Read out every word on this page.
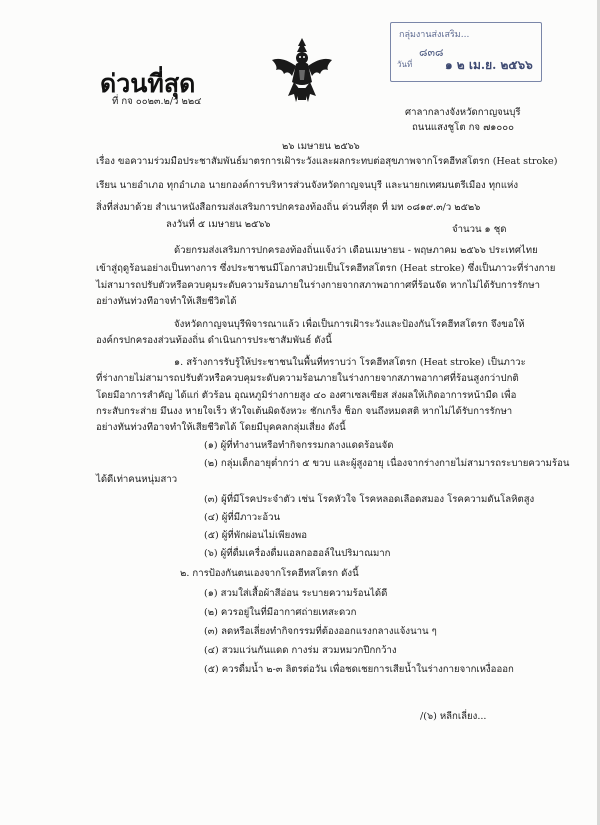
กลุ่มงานส่งเสริม...
๘๓๘
วันที่	๑ ๒ เม.ย. ๒๕๖๖
ด่วนที่สุด
ที่ กจ ๐๐๒๓.๒/ว ๒๒๔
ศาลากลางจังหวัดกาญจนบุรี
ถนนแสงชูโต กจ ๗๑๐๐๐
๒๖ เมษายน ๒๕๖๖
เรื่อง ขอความร่วมมือประชาสัมพันธ์มาตรการเฝ้าระวังและผลกระทบต่อสุขภาพจากโรคฮีทสโตรก (Heat stroke)
เรียน นายอำเภอ ทุกอำเภอ นายกองค์การบริหารส่วนจังหวัดกาญจนบุรี และนายกเทศมนตรีเมือง ทุกแห่ง
สิ่งที่ส่งมาด้วย สำเนาหนังสือกรมส่งเสริมการปกครองท้องถิ่น ด่วนที่สุด ที่ มท ๐๘๑๙.๓/ว ๒๕๒๖
ลงวันที่ ๕ เมษายน ๒๕๖๖	จำนวน ๑ ชุด
ด้วยกรมส่งเสริมการปกครองท้องถิ่นแจ้งว่า เดือนเมษายน - พฤษภาคม ๒๕๖๖ ประเทศไทย
เข้าสู่ฤดูร้อนอย่างเป็นทางการ ซึ่งประชาชนมีโอกาสป่วยเป็นโรคฮีทสโตรก (Heat stroke) ซึ่งเป็นภาวะที่ร่างกาย
ไม่สามารถปรับตัวหรือควบคุมระดับความร้อนภายในร่างกายจากสภาพอากาศที่ร้อนจัด หากไม่ได้รับการรักษา
อย่างทันท่วงทีอาจทำให้เสียชีวิตได้
จังหวัดกาญจนบุรีพิจารณาแล้ว เพื่อเป็นการเฝ้าระวังและป้องกันโรคฮีทสโตรก จึงขอให้
องค์กรปกครองส่วนท้องถิ่น ดำเนินการประชาสัมพันธ์ ดังนี้
๑. สร้างการรับรู้ให้ประชาชนในพื้นที่ทราบว่า โรคฮีทสโตรก (Heat stroke) เป็นภาวะ
ที่ร่างกายไม่สามารถปรับตัวหรือควบคุมระดับความร้อนภายในร่างกายจากสภาพอากาศที่ร้อนสูงกว่าปกติ
โดยมีอาการสำคัญ ได้แก่ ตัวร้อน อุณหภูมิร่างกายสูง ๔๐ องศาเซลเซียส ส่งผลให้เกิดอาการหน้ามืด เพื่อ
กระสับกระส่าย มึนงง หายใจเร็ว หัวใจเต้นผิดจังหวะ ชักเกร็ง ช็อก จนถึงหมดสติ หากไม่ได้รับการรักษา
อย่างทันท่วงทีอาจทำให้เสียชีวิตได้ โดยมีบุคคลกลุ่มเสี่ยง ดังนี้
(๑) ผู้ที่ทำงานหรือทำกิจกรรมกลางแดดร้อนจัด
(๒) กลุ่มเด็กอายุต่ำกว่า ๕ ขวบ และผู้สูงอายุ เนื่องจากร่างกายไม่สามารถระบายความร้อน
ได้ดีเท่าคนหนุ่มสาว
(๓) ผู้ที่มีโรคประจำตัว เช่น โรคหัวใจ โรคหลอดเลือดสมอง โรคความดันโลหิตสูง
(๔) ผู้ที่มีภาวะอ้วน
(๕) ผู้ที่พักผ่อนไม่เพียงพอ
(๖) ผู้ที่ดื่มเครื่องดื่มแอลกอฮอล์ในปริมาณมาก
๒. การป้องกันตนเองจากโรคฮีทสโตรก ดังนี้
(๑) สวมใส่เสื้อผ้าสีอ่อน ระบายความร้อนได้ดี
(๒) ควรอยู่ในที่มีอากาศถ่ายเทสะดวก
(๓) ลดหรือเลี่ยงทำกิจกรรมที่ต้องออกแรงกลางแจ้งนาน ๆ
(๔) สวมแว่นกันแดด กางร่ม สวมหมวกปีกกว้าง
(๕) ควรดื่มน้ำ ๒-๓ ลิตรต่อวัน เพื่อชดเชยการเสียน้ำในร่างกายจากเหงื่อออก
/(๖) หลีกเลี่ยง...
